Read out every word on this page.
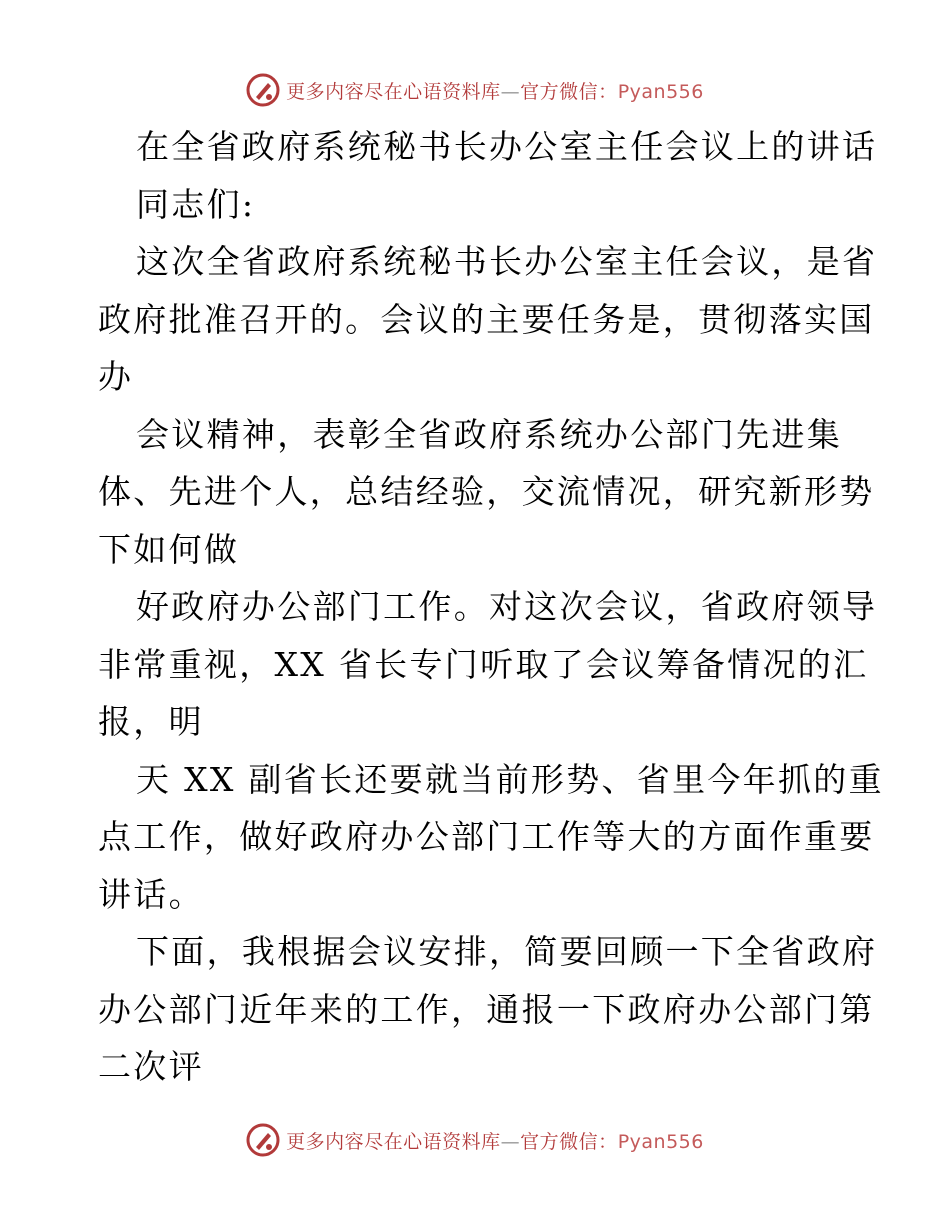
更多内容尽在心语资料库—官方微信：Pyan556
在全省政府系统秘书长办公室主任会议上的讲话
同志们:
这次全省政府系统秘书长办公室主任会议，是省
政府批准召开的。会议的主要任务是，贯彻落实国
办
会议精神，表彰全省政府系统办公部门先进集
体、先进个人，总结经验，交流情况，研究新形势
下如何做
好政府办公部门工作。对这次会议，省政府领导
非常重视，XX 省长专门听取了会议筹备情况的汇
报，明
天 XX 副省长还要就当前形势、省里今年抓的重
点工作，做好政府办公部门工作等大的方面作重要
讲话。
下面，我根据会议安排，简要回顾一下全省政府
办公部门近年来的工作，通报一下政府办公部门第
二次评
更多内容尽在心语资料库—官方微信：Pyan556
